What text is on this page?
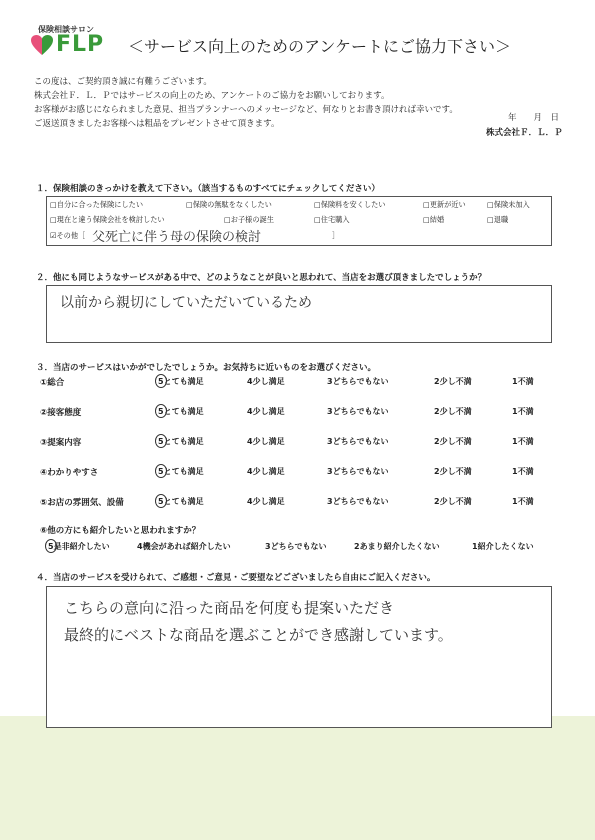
保険相談サロン
FLP ＜サービス向上のためのアンケートにご協力下さい＞
この度は、ご契約頂き誠に有難うございます。
株式会社Ｆ．Ｌ．Ｐではサービスの向上のため、アンケートのご協力をお願いしております。
お客様がお感じになられました意見、担当プランナーへのメッセージなど、何なりとお書き頂ければ幸いです。
ご返送頂きましたお客様へは粗品をプレゼントさせて頂きます。
年　　月　日
株式会社Ｆ．Ｌ．Ｐ
１．保険相談のきっかけを教えて下さい。（該当するものすべてにチェックしてください）
□自分に合った保険にしたい	□保険の無駄をなくしたい	□保険料を安くしたい	□更新が近い	□保険未加入
□現在と違う保険会社を検討したい	□お子様の誕生	□住宅購入	□結婚	□退職
☑その他［ 父死亡に伴う母の保険の検討	］
２．他にも同じようなサービスがある中で、どのようなことが良いと思われて、当店をお選び頂きましたでしょうか？
以前から親切にしていただいているため
３．当店のサービスはいかがでしたでしょうか。お気持ちに近いものをお選びください。
①総合	5とても満足	4少し満足	3どちらでもない	2少し不満	1不満
②接客態度	5とても満足	4少し満足	3どちらでもない	2少し不満	1不満
③提案内容	5とても満足	4少し満足	3どちらでもない	2少し不満	1不満
④わかりやすさ	5とても満足	4少し満足	3どちらでもない	2少し不満	1不満
⑤お店の雰囲気、設備	5とても満足	4少し満足	3どちらでもない	2少し不満	1不満
⑥他の方にも紹介したいと思われますか？
5是非紹介したい	4機会があれば紹介したい	3どちらでもない	2あまり紹介したくない	1紹介したくない
４．当店のサービスを受けられて、ご感想・ご意見・ご要望などございましたら自由にご記入ください。
こちらの意向に沿った商品を何度も提案いただき
最終的にベストな商品を選ぶことができ感謝しています。
